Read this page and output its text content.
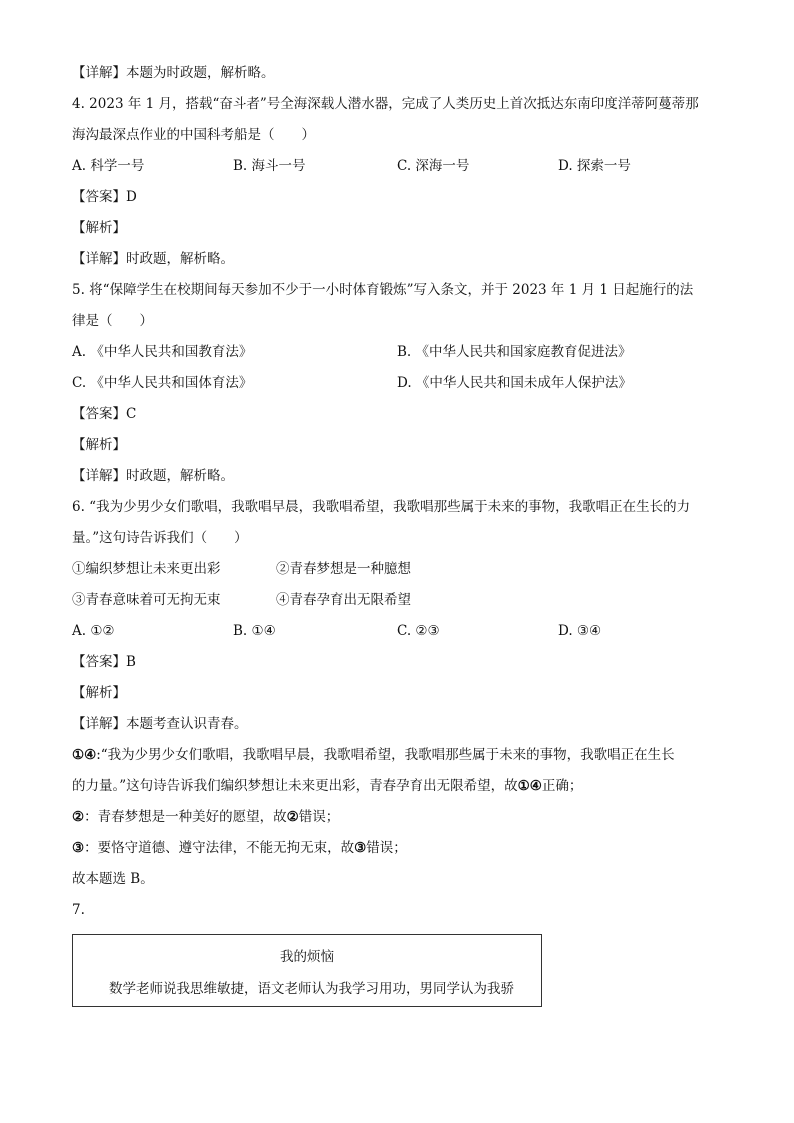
【详解】本题为时政题，解析略。
4. 2023 年 1 月，搭载“奋斗者”号全海深载人潜水器，完成了人类历史上首次抵达东南印度洋蒂阿蔓蒂那
海沟最深点作业的中国科考船是（　　）
A. 科学一号	B. 海斗一号	C. 深海一号	D. 探索一号
【答案】D
【解析】
【详解】时政题，解析略。
5. 将“保障学生在校期间每天参加不少于一小时体育锻炼”写入条文，并于 2023 年 1 月 1 日起施行的法
律是（　　）
A. 《中华人民共和国教育法》	B. 《中华人民共和国家庭教育促进法》
C. 《中华人民共和国体育法》	D. 《中华人民共和国未成年人保护法》
【答案】C
【解析】
【详解】时政题，解析略。
6. “我为少男少女们歌唱，我歌唱早晨，我歌唱希望，我歌唱那些属于未来的事物，我歌唱正在生长的力
量。”这句诗告诉我们（　　）
①编织梦想让未来更出彩	②青春梦想是一种臆想
③青春意味着可无拘无束	④青春孕育出无限希望
A. ①②	B. ①④	C. ②③	D. ③④
【答案】B
【解析】
【详解】本题考查认识青春。
①④:“我为少男少女们歌唱，我歌唱早晨，我歌唱希望，我歌唱那些属于未来的事物，我歌唱正在生长
的力量。”这句诗告诉我们编织梦想让未来更出彩，青春孕育出无限希望，故①④正确；
②：青春梦想是一种美好的愿望，故②错误；
③：要恪守道德、遵守法律，不能无拘无束，故③错误；
故本题选 B。
7.
我的烦恼
数学老师说我思维敏捷，语文老师认为我学习用功，男同学认为我骄
